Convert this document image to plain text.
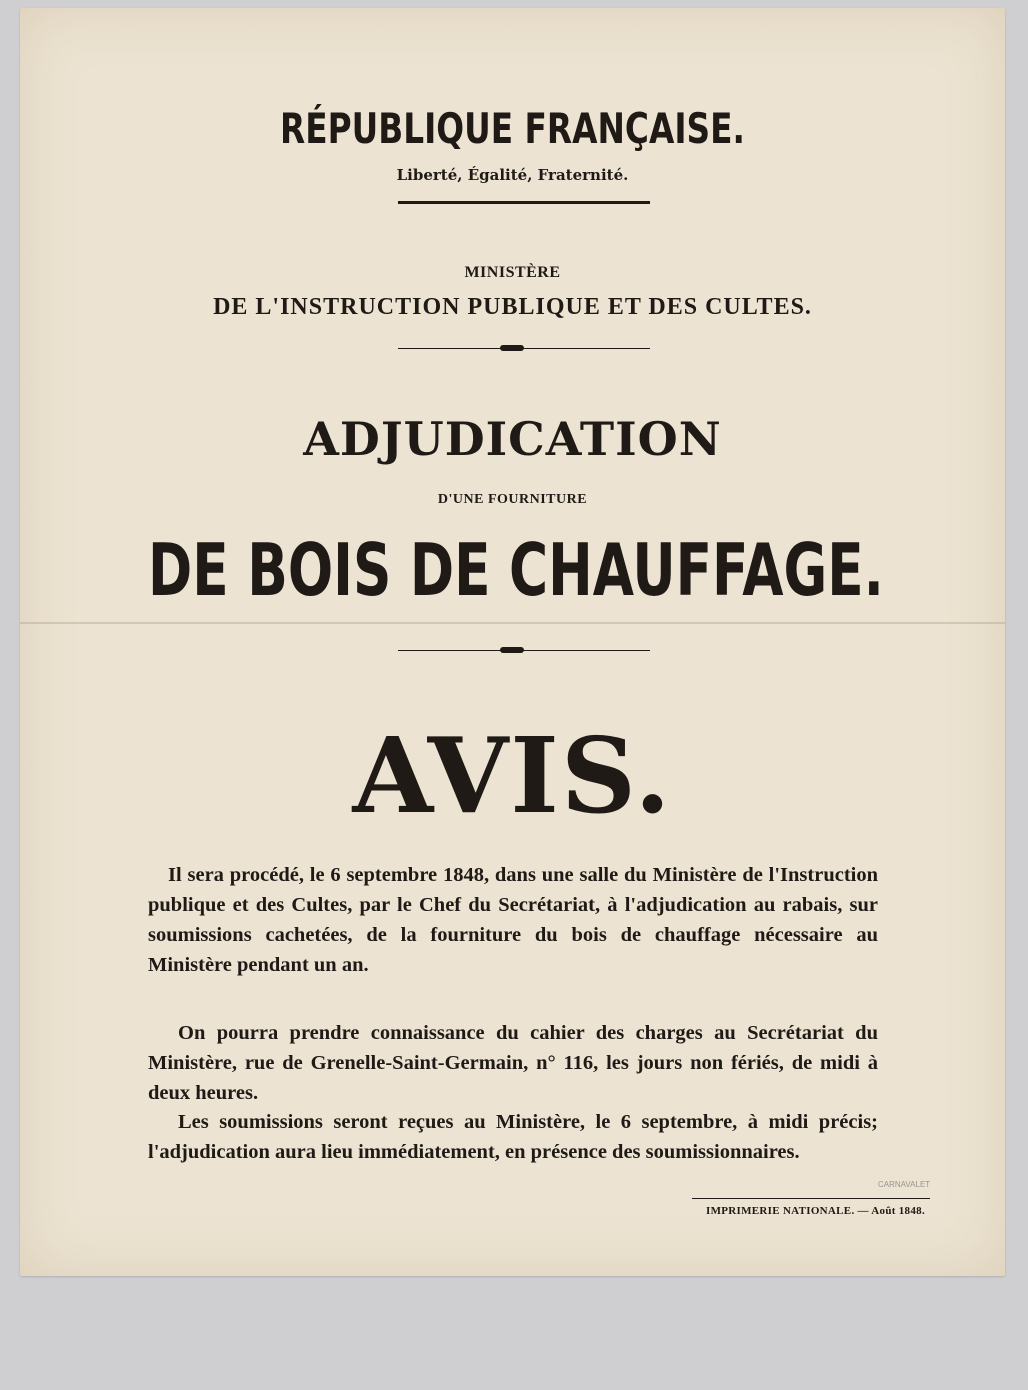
RÉPUBLIQUE FRANÇAISE.
Liberté, Égalité, Fraternité.
MINISTÈRE
DE L'INSTRUCTION PUBLIQUE ET DES CULTES.
ADJUDICATION
D'UNE FOURNITURE
DE BOIS DE CHAUFFAGE.
AVIS.

Il sera procédé, le 6 septembre 1848, dans une salle du Ministère de l'Instruction publique et des Cultes, par le Chef du Secrétariat, à l'adjudication au rabais, sur soumissions cachetées, de la fourniture du bois de chauffage nécessaire au Ministère pendant un an.

On pourra prendre connaissance du cahier des charges au Secrétariat du Ministère, rue de Grenelle-Saint-Germain, n° 116, les jours non fériés, de midi à deux heures.

Les soumissions seront reçues au Ministère, le 6 septembre, à midi précis; l'adjudication aura lieu immédiatement, en présence des soumissionnaires.

IMPRIMERIE NATIONALE. — Août 1848.
CARNAVALET
